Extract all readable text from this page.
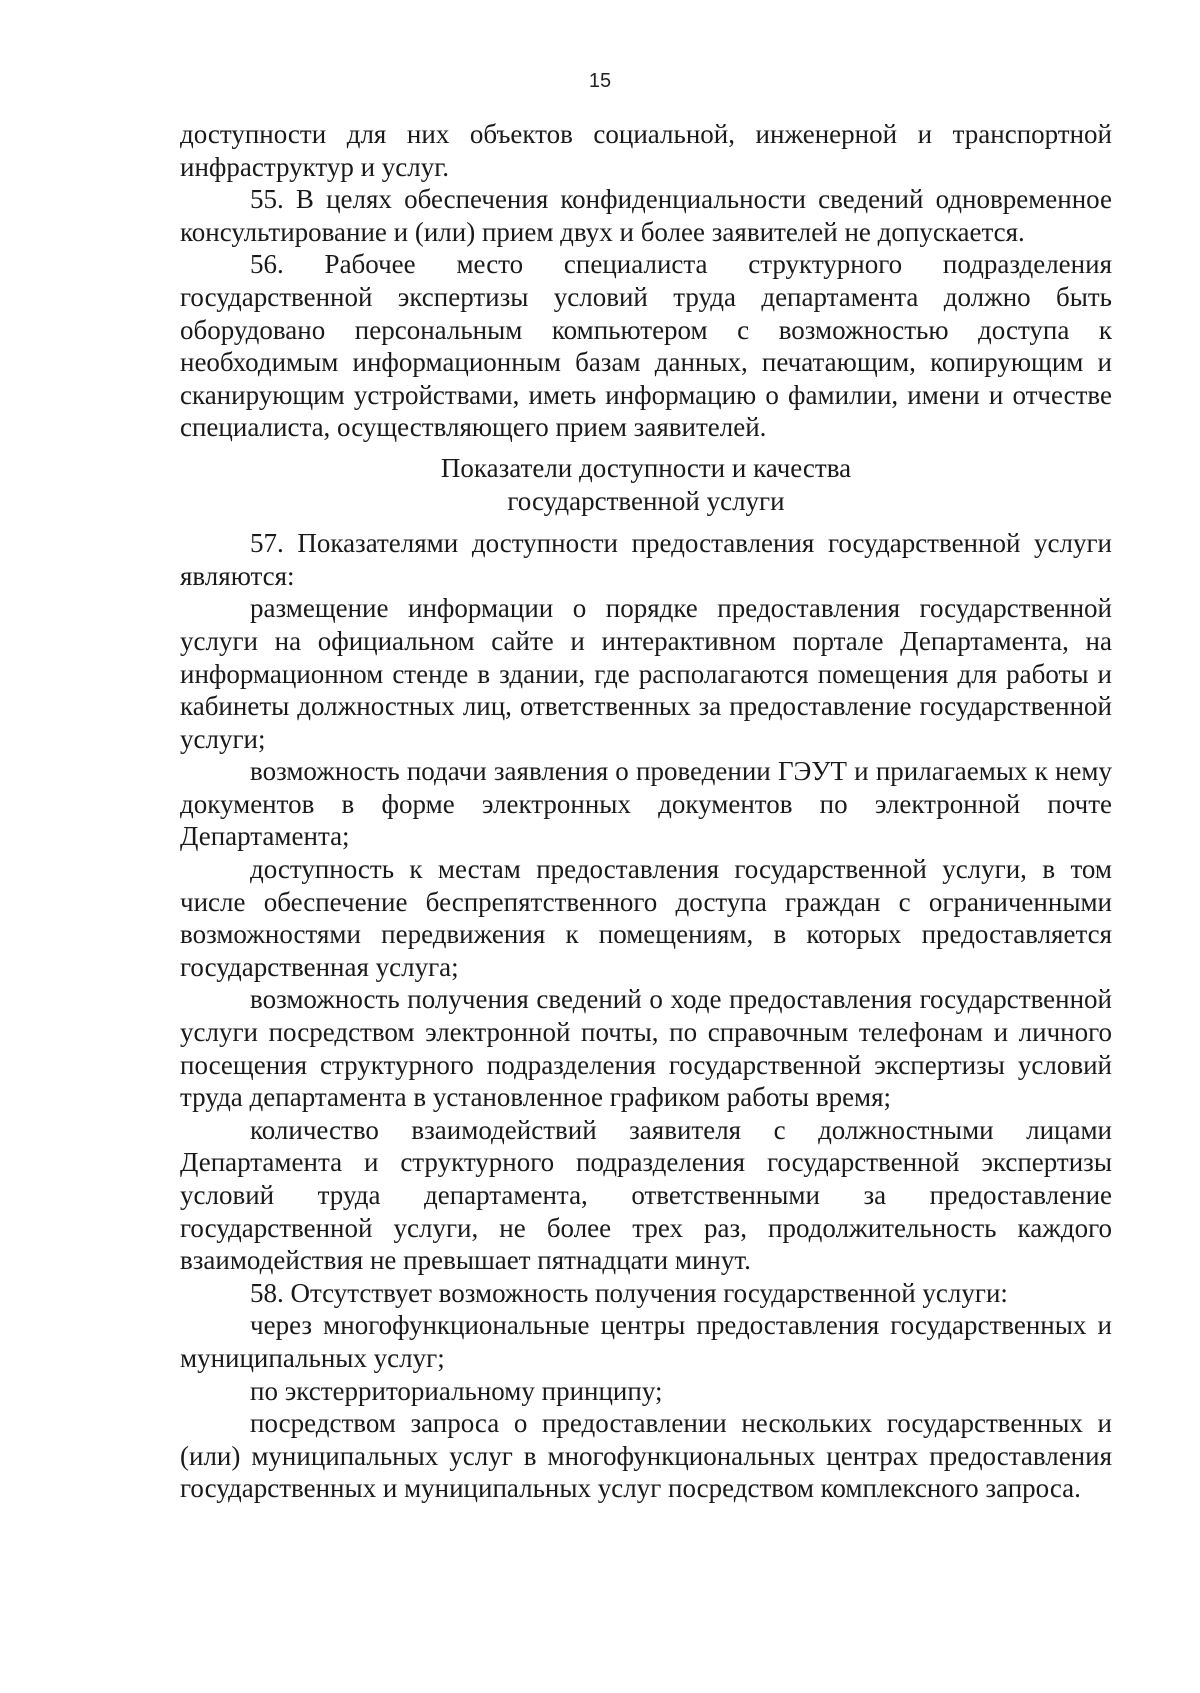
15

доступности для них объектов социальной, инженерной и транспортной инфраструктур и услуг.

55. В целях обеспечения конфиденциальности сведений одновременное консультирование и (или) прием двух и более заявителей не допускается.

56. Рабочее место специалиста структурного подразделения государственной экспертизы условий труда департамента должно быть оборудовано персональным компьютером с возможностью доступа к необходимым информационным базам данных, печатающим, копирующим и сканирующим устройствами, иметь информацию о фамилии, имени и отчестве специалиста, осуществляющего прием заявителей.

Показатели доступности и качества
государственной услуги

57. Показателями доступности предоставления государственной услуги являются:

размещение информации о порядке предоставления государственной услуги на официальном сайте и интерактивном портале Департамента, на информационном стенде в здании, где располагаются помещения для работы и кабинеты должностных лиц, ответственных за предоставление государственной услуги;

возможность подачи заявления о проведении ГЭУТ и прилагаемых к нему документов в форме электронных документов по электронной почте Департамента;

доступность к местам предоставления государственной услуги, в том числе обеспечение беспрепятственного доступа граждан с ограниченными возможностями передвижения к помещениям, в которых предоставляется государственная услуга;

возможность получения сведений о ходе предоставления государственной услуги посредством электронной почты, по справочным телефонам и личного посещения структурного подразделения государственной экспертизы условий труда департамента в установленное графиком работы время;

количество взаимодействий заявителя с должностными лицами Департамента и структурного подразделения государственной экспертизы условий труда департамента, ответственными за предоставление государственной услуги, не более трех раз, продолжительность каждого взаимодействия не превышает пятнадцати минут.

58. Отсутствует возможность получения государственной услуги:

через многофункциональные центры предоставления государственных и муниципальных услуг;

по экстерриториальному принципу;

посредством запроса о предоставлении нескольких государственных и (или) муниципальных услуг в многофункциональных центрах предоставления государственных и муниципальных услуг посредством комплексного запроса.
